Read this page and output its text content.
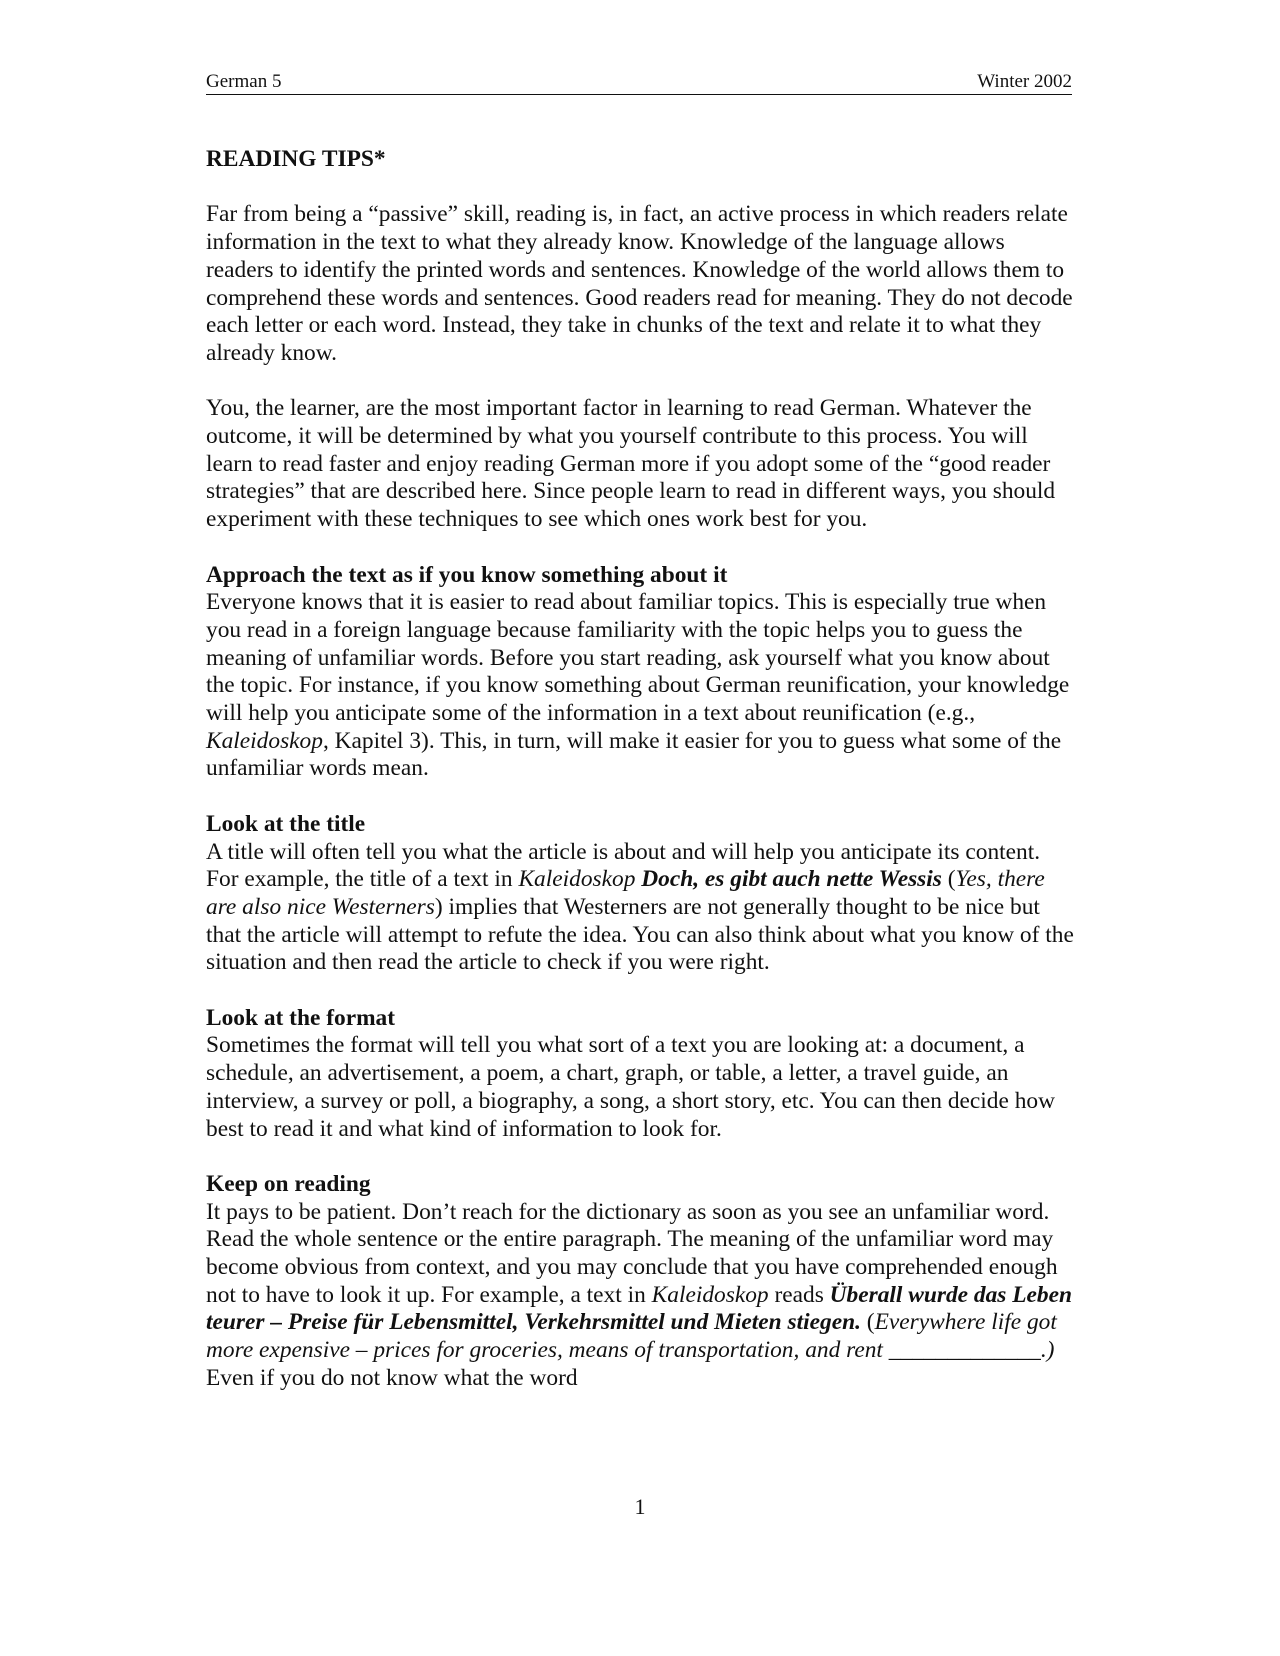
German 5	Winter 2002
READING TIPS*

Far from being a “passive” skill, reading is, in fact, an active process in which readers relate information in the text to what they already know. Knowledge of the language allows readers to identify the printed words and sentences. Knowledge of the world allows them to comprehend these words and sentences. Good readers read for meaning. They do not decode each letter or each word. Instead, they take in chunks of the text and relate it to what they already know.

You, the learner, are the most important factor in learning to read German. Whatever the outcome, it will be determined by what you yourself contribute to this process. You will learn to read faster and enjoy reading German more if you adopt some of the “good reader strategies” that are described here. Since people learn to read in different ways, you should experiment with these techniques to see which ones work best for you.

Approach the text as if you know something about it
Everyone knows that it is easier to read about familiar topics. This is especially true when you read in a foreign language because familiarity with the topic helps you to guess the meaning of unfamiliar words. Before you start reading, ask yourself what you know about the topic. For instance, if you know something about German reunification, your knowledge will help you anticipate some of the information in a text about reunification (e.g., Kaleidoskop, Kapitel 3). This, in turn, will make it easier for you to guess what some of the unfamiliar words mean.

Look at the title
A title will often tell you what the article is about and will help you anticipate its content. For example, the title of a text in Kaleidoskop Doch, es gibt auch nette Wessis (Yes, there are also nice Westerners) implies that Westerners are not generally thought to be nice but that the article will attempt to refute the idea. You can also think about what you know of the situation and then read the article to check if you were right.

Look at the format
Sometimes the format will tell you what sort of a text you are looking at: a document, a schedule, an advertisement, a poem, a chart, graph, or table, a letter, a travel guide, an interview, a survey or poll, a biography, a song, a short story, etc. You can then decide how best to read it and what kind of information to look for.

Keep on reading
It pays to be patient. Don’t reach for the dictionary as soon as you see an unfamiliar word. Read the whole sentence or the entire paragraph. The meaning of the unfamiliar word may become obvious from context, and you may conclude that you have comprehended enough not to have to look it up. For example, a text in Kaleidoskop reads Überall wurde das Leben teurer – Preise für Lebensmittel, Verkehrsmittel und Mieten stiegen. (Everywhere life got more expensive – prices for groceries, means of transportation, and rent _____________.) Even if you do not know what the word

1
